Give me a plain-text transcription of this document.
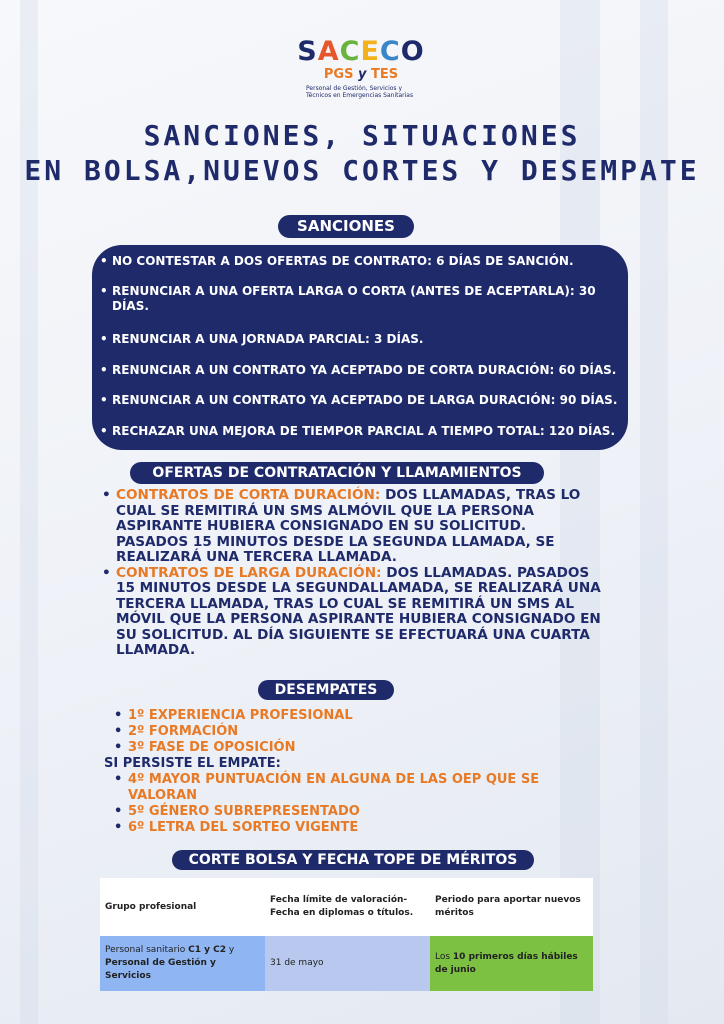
SACECO
PGS y TES
Personal de Gestión, Servicios y
Técnicos en Emergencias Sanitarias
SANCIONES, SITUACIONES
EN BOLSA,NUEVOS CORTES Y DESEMPATE
SANCIONES
• NO CONTESTAR A DOS OFERTAS DE CONTRATO: 6 DÍAS DE SANCIÓN.
• RENUNCIAR A UNA OFERTA LARGA O CORTA (ANTES DE ACEPTARLA): 30 DÍAS.
• RENUNCIAR A UNA JORNADA PARCIAL: 3 DÍAS.
• RENUNCIAR A UN CONTRATO YA ACEPTADO DE CORTA DURACIÓN: 60 DÍAS.
• RENUNCIAR A UN CONTRATO YA ACEPTADO DE LARGA DURACIÓN: 90 DÍAS.
• RECHAZAR UNA MEJORA DE TIEMPOR PARCIAL A TIEMPO TOTAL: 120 DÍAS.
OFERTAS DE CONTRATACIÓN Y LLAMAMIENTOS
• CONTRATOS DE CORTA DURACIÓN: DOS LLAMADAS, TRAS LO CUAL SE REMITIRÁ UN SMS ALMÓVIL QUE LA PERSONA ASPIRANTE HUBIERA CONSIGNADO EN SU SOLICITUD. PASADOS 15 MINUTOS DESDE LA SEGUNDA LLAMADA, SE REALIZARÁ UNA TERCERA LLAMADA.
• CONTRATOS DE LARGA DURACIÓN: DOS LLAMADAS. PASADOS 15 MINUTOS DESDE LA SEGUNDALLAMADA, SE REALIZARÁ UNA TERCERA LLAMADA, TRAS LO CUAL SE REMITIRÁ UN SMS AL MÓVIL QUE LA PERSONA ASPIRANTE HUBIERA CONSIGNADO EN SU SOLICITUD. AL DÍA SIGUIENTE SE EFECTUARÁ UNA CUARTA LLAMADA.
DESEMPATES
• 1º EXPERIENCIA PROFESIONAL
• 2º FORMACIÓN
• 3º FASE DE OPOSICIÓN
SI PERSISTE EL EMPATE:
• 4º MAYOR PUNTUACIÓN EN ALGUNA DE LAS OEP QUE SE VALORAN
• 5º GÉNERO SUBREPRESENTADO
• 6º LETRA DEL SORTEO VIGENTE
CORTE BOLSA Y FECHA TOPE DE MÉRITOS
Grupo profesional	Fecha límite de valoración-Fecha en diplomas o títulos.	Periodo para aportar nuevos méritos
Personal sanitario C1 y C2 y Personal de Gestión y Servicios	31 de mayo	Los 10 primeros días hábiles de junio
